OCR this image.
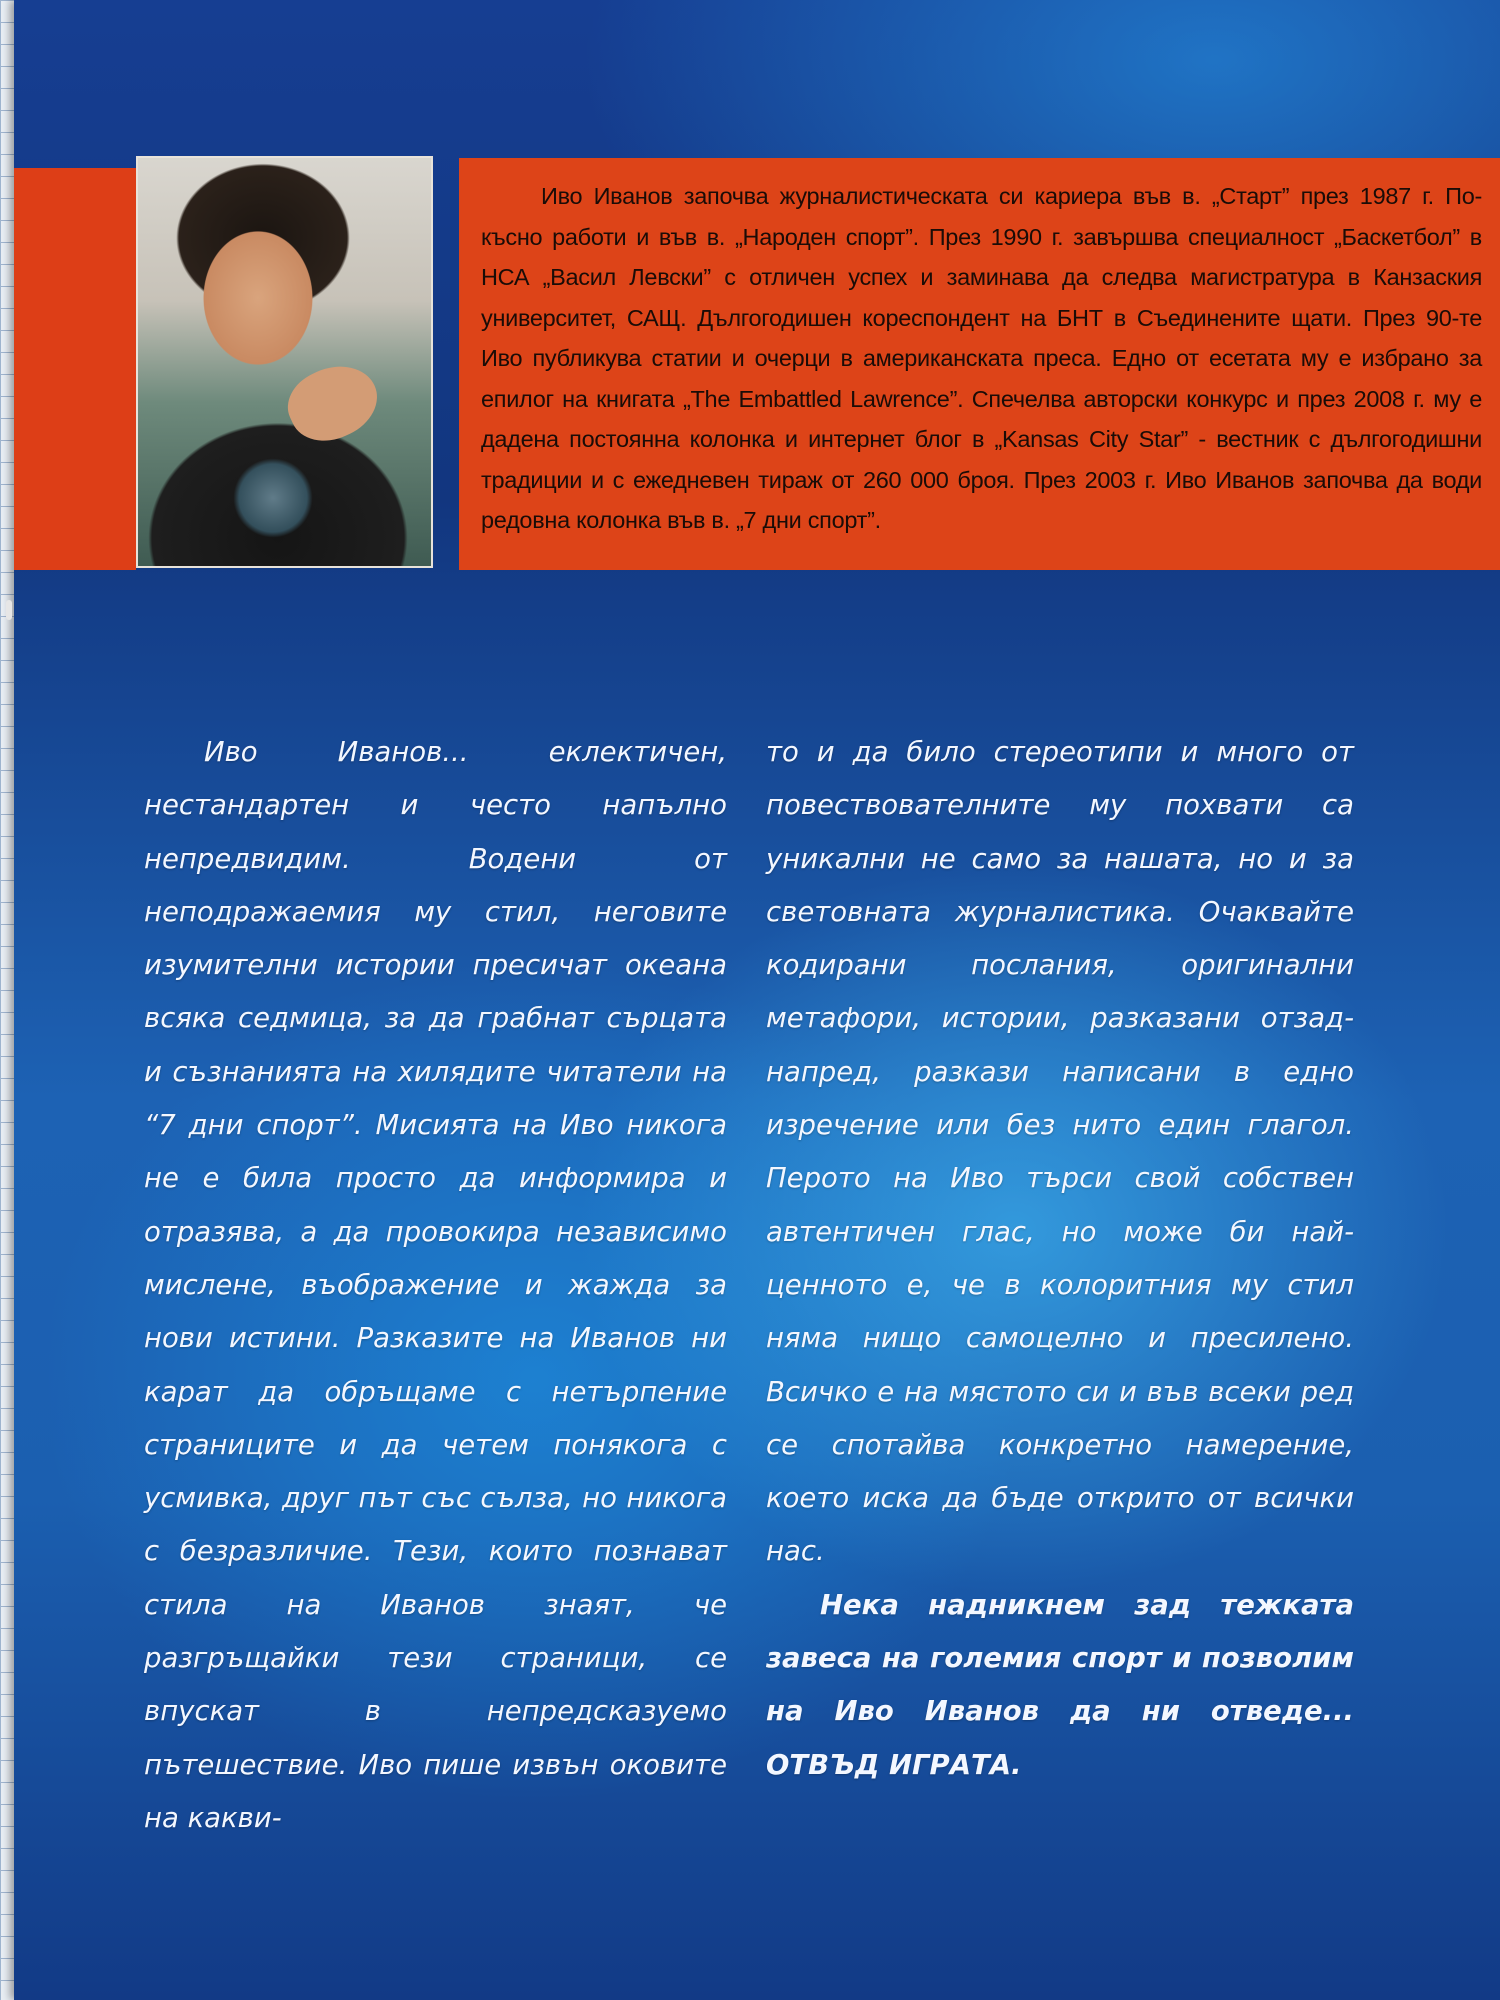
Иво Иванов започва журналистическата си кариера във в. „Старт” през 1987 г. По-късно работи и във в. „Народен спорт”. През 1990 г. завършва специалност „Баскетбол” в НСА „Васил Левски” с отличен успех и заминава да следва магистратура в Канзаския университет, САЩ. Дългогодишен кореспондент на БНТ в Съединените щати. През 90-те Иво публикува статии и очерци в американската преса. Едно от есетата му е избрано за епилог на книгата „The Embattled Lawrence”. Спечелва авторски конкурс и през 2008 г. му е дадена постоянна колонка и интернет блог в „Kansas City Star” - вестник с дългогодишни традиции и с ежедневен тираж от 260 000 броя. През 2003 г. Иво Иванов започва да води редовна колонка във в. „7 дни спорт”.

Иво Иванов... еклектичен, нестандартен и често напълно непредвидим. Водени от неподражаемия му стил, неговите изумителни истории пресичат океана всяка седмица, за да грабнат сърцата и съзнанията на хилядите читатели на “7 дни спорт”. Мисията на Иво никога не е била просто да информира и отразява, а да провокира независимо мислене, въображение и жажда за нови истини. Разказите на Иванов ни карат да обръщаме с нетърпение страниците и да четем понякога с усмивка, друг път със сълза, но никога с безразличие. Тези, които познават стила на Иванов знаят, че разгръщайки тези страници, се впускат в непредсказуемо пътешествие. Иво пише извън оковите на какви-

то и да било стереотипи и много от повествователните му похвати са уникални не само за нашата, но и за световната журналистика. Очаквайте кодирани послания, оригинални метафори, истории, разказани отзад-напред, разкази написани в едно изречение или без нито един глагол. Перото на Иво търси свой собствен автентичен глас, но може би най-ценното е, че в колоритния му стил няма нищо самоцелно и пресилено. Всичко е на мястото си и във всеки ред се спотайва конкретно намерение, което иска да бъде открито от всички нас.

Нека надникнем зад тежката завеса на големия спорт и позволим на Иво Иванов да ни отведе... ОТВЪД ИГРАТА.
